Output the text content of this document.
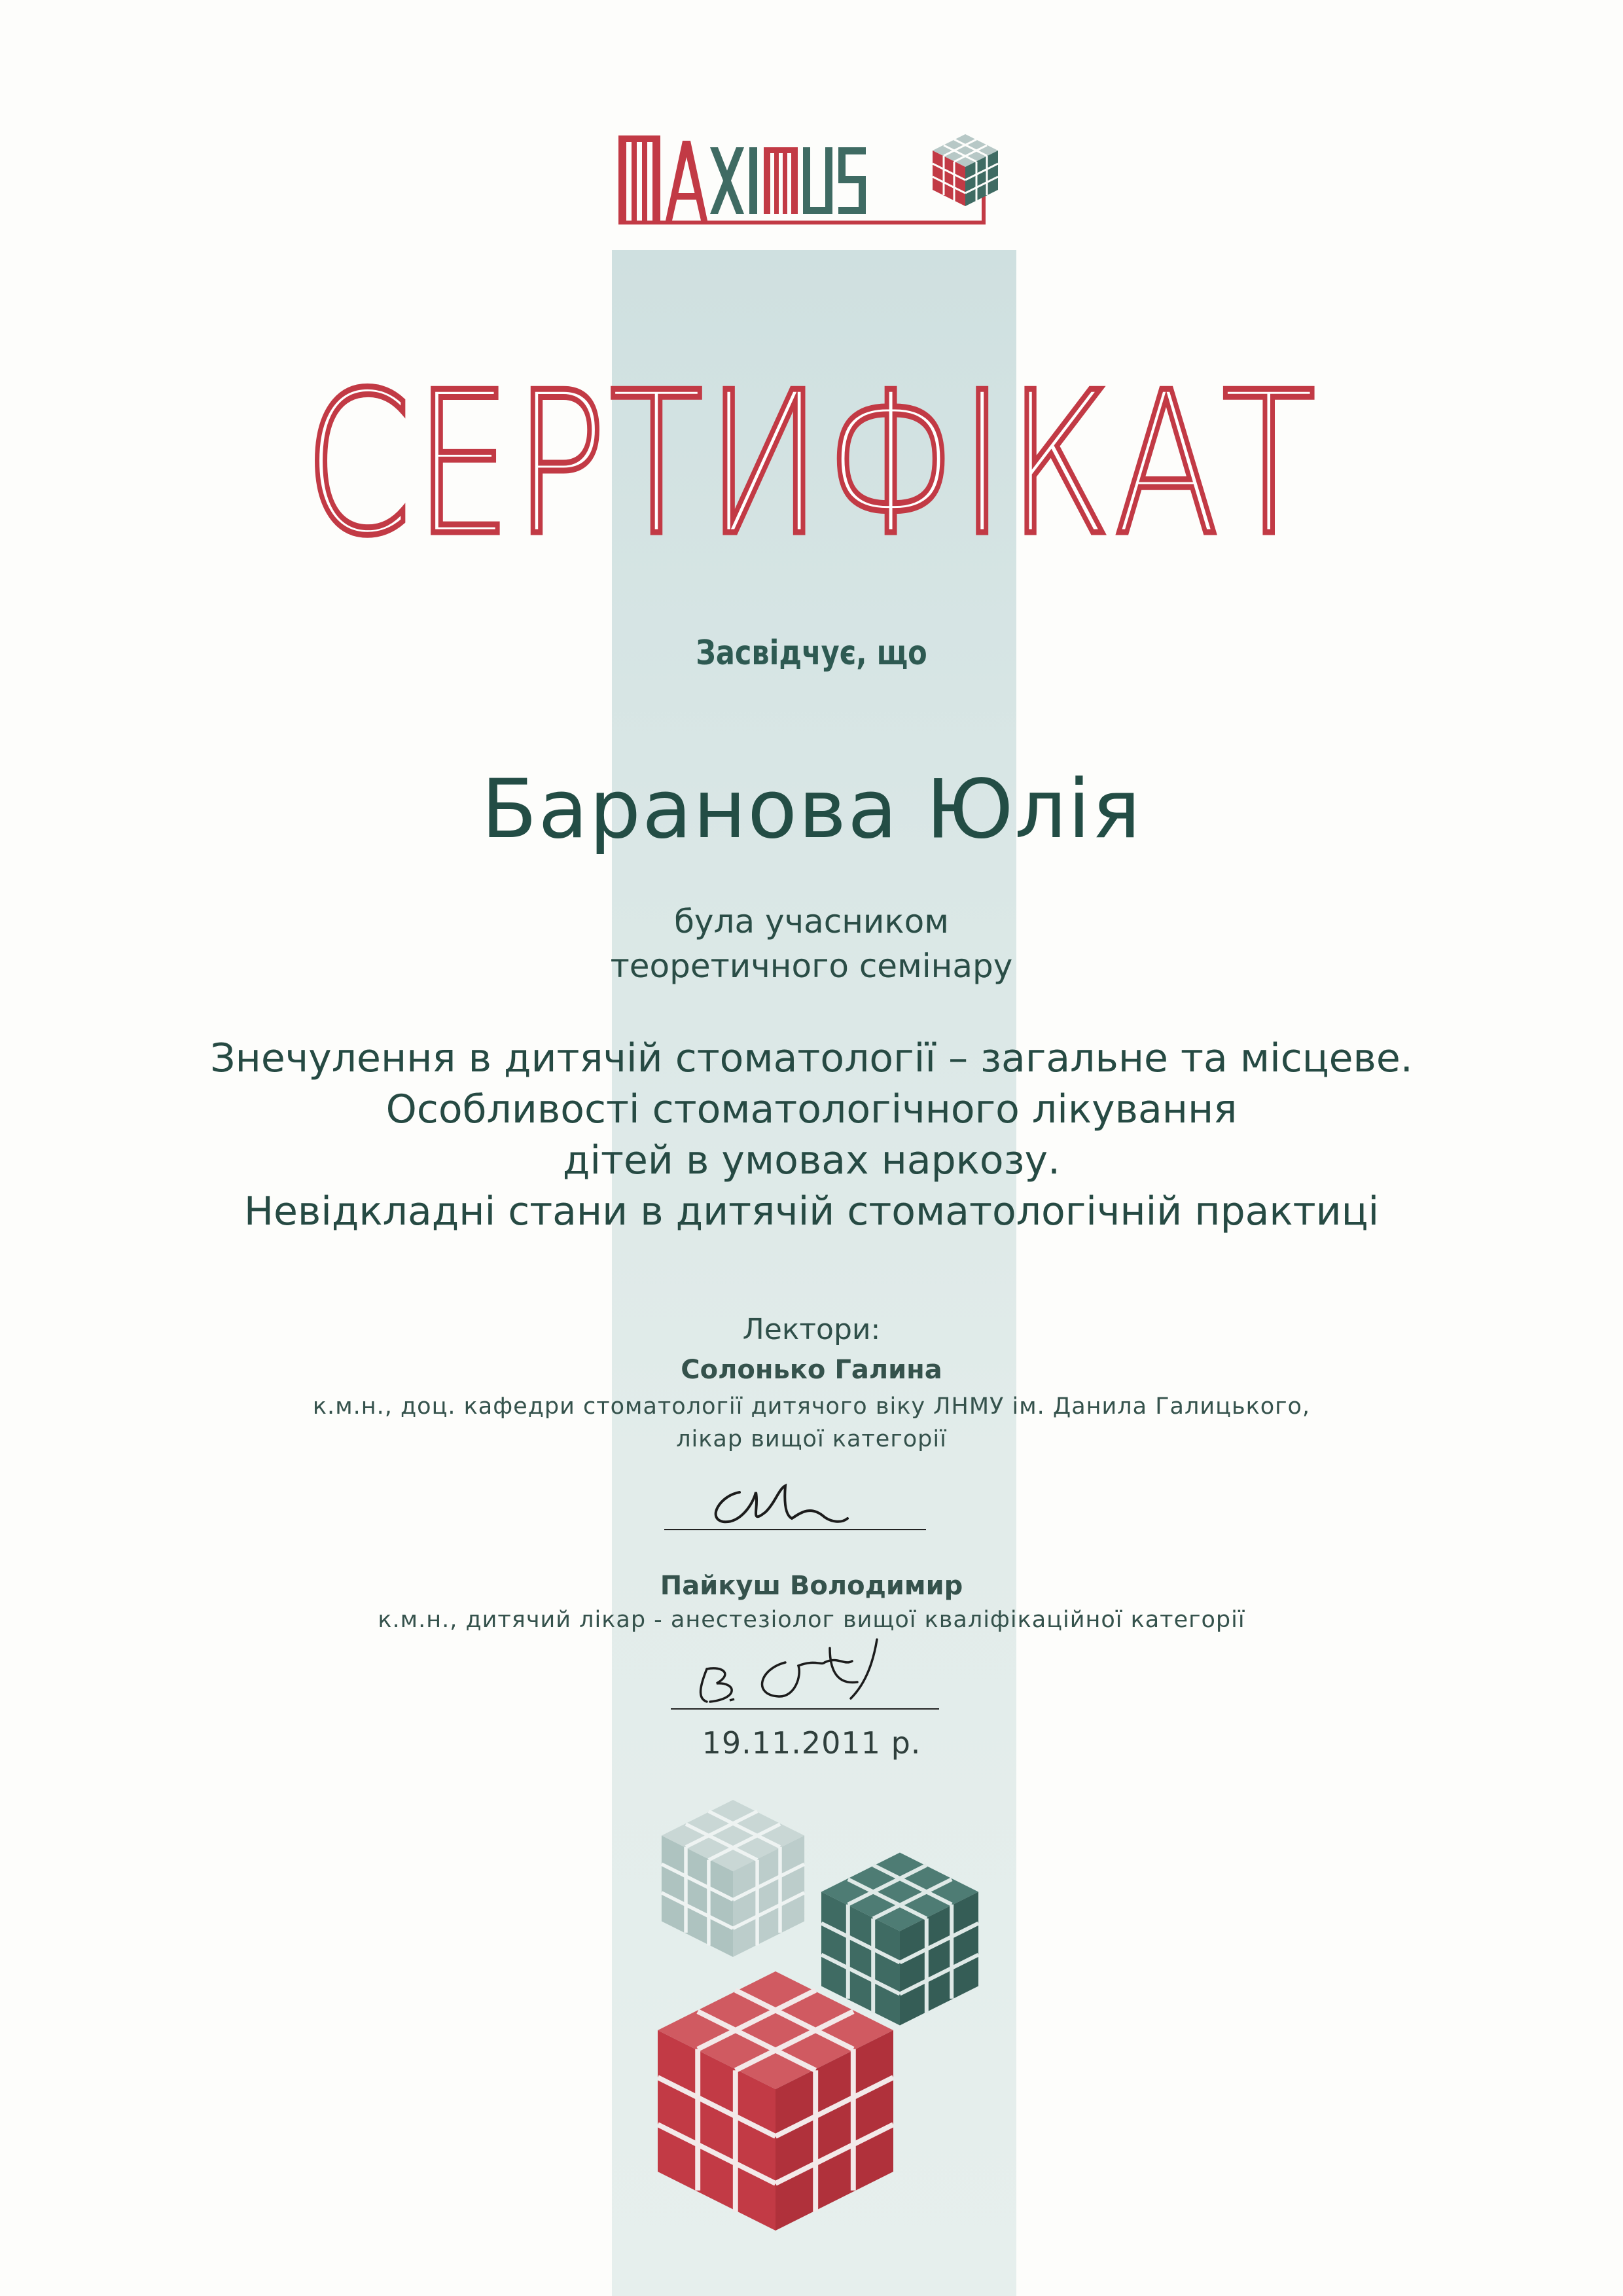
СЕРТИФІКАТ
Засвідчує, що
Баранова Юлія
була учасником
теоретичного семінару
Знечулення в дитячій стоматології – загальне та місцеве.
Особливості стоматологічного лікування
дітей в умовах наркозу.
Невідкладні стани в дитячій стоматологічній практиці
Лектори:
Солонько Галина
к.м.н., доц. кафедри стоматології дитячого віку ЛНМУ ім. Данила Галицького,
лікар вищої категорії
Пайкуш Володимир
к.м.н., дитячий лікар - анестезіолог вищої кваліфікаційної категорії
19.11.2011 р.
